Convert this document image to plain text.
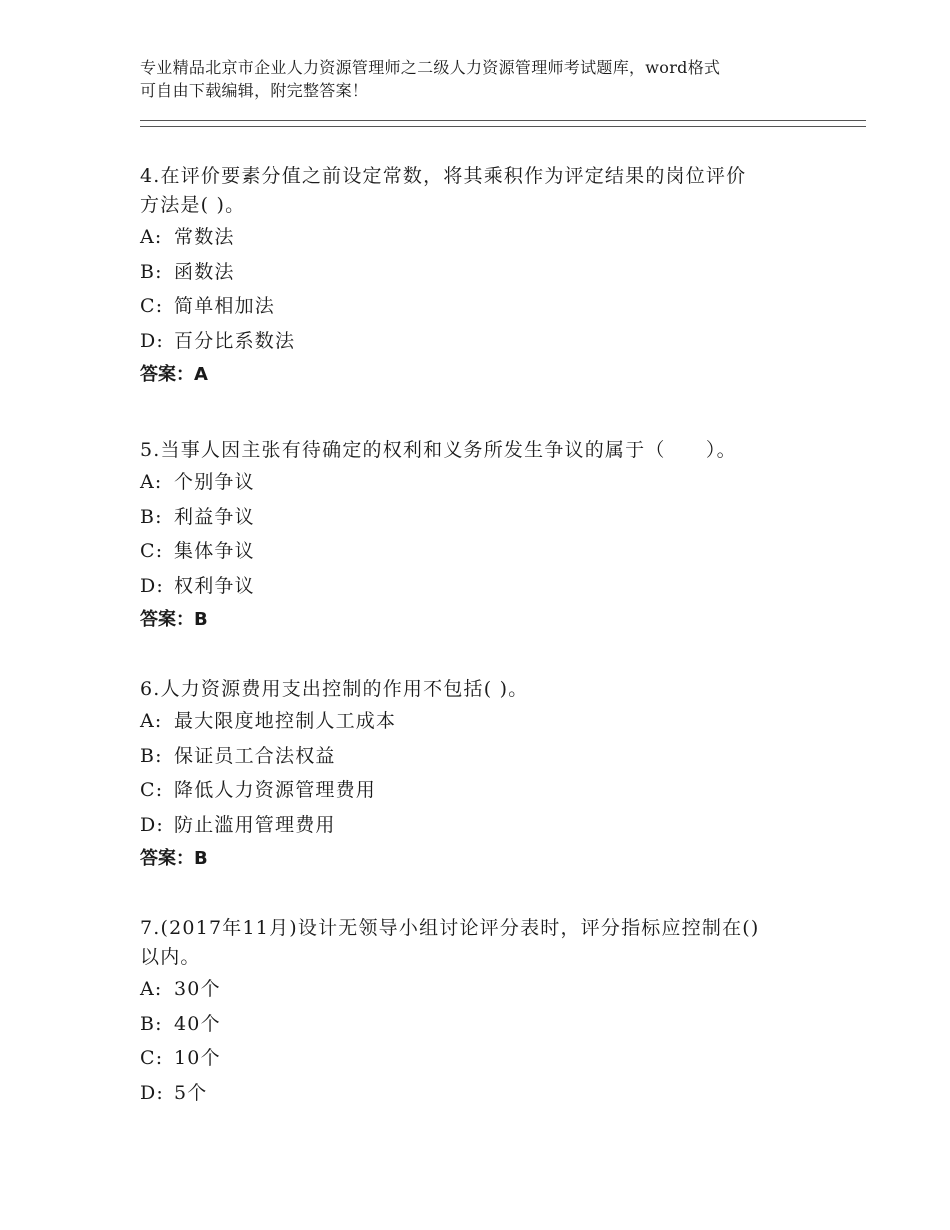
专业精品北京市企业人力资源管理师之二级人力资源管理师考试题库，word格式
可自由下载编辑，附完整答案！

4.在评价要素分值之前设定常数，将其乘积作为评定结果的岗位评价
方法是( )。

A: 常数法

B: 函数法

C: 简单相加法

D: 百分比系数法

答案：A

5.当事人因主张有待确定的权利和义务所发生争议的属于（　　）。

A: 个别争议

B: 利益争议

C: 集体争议

D: 权利争议

答案：B

6.人力资源费用支出控制的作用不包括( )。

A: 最大限度地控制人工成本

B: 保证员工合法权益

C: 降低人力资源管理费用

D: 防止滥用管理费用

答案：B

7.(2017年11月)设计无领导小组讨论评分表时，评分指标应控制在()
以内。

A: 30个

B: 40个

C: 10个

D: 5个
